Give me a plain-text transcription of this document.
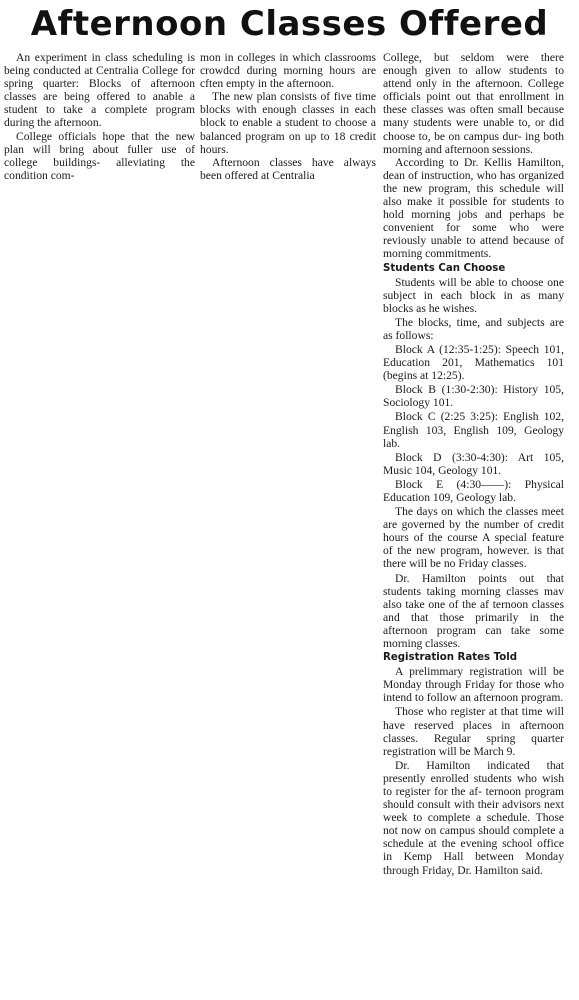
Afternoon Classes Offered

An experiment in class scheduling is being conducted at Centralia College for spring quarter: Blocks of afternoon classes are being offered to anable a student to take a complete program during the afternoon.

College officials hope that the new plan will bring about fuller use of college buildings- alleviating the condition com-

mon in colleges in which classrooms crowdcd during morning hours are cften empty in the afternoon.

The new plan consists of five time blocks with enough classes in each block to enable a student to choose a balanced program on up to 18 credit hours.

Afternoon classes have always been offered at Centralia

College, but seldom were there enough given to allow students to attend only in the afternoon. College officials point out that enrollment in these classes was often small because many students were unable to, or did choose to, be on campus dur- ing both morning and afternoon sessions.

According to Dr. Kellis Hamilton, dean of instruction, who has organized the new program, this schedule will also make it possible for students to hold morning jobs and perhaps be convenient for some who were reviously unable to attend because of morning commitments.

Students Can Choose

Students will be able to choose one subject in each block in as many blocks as he wishes.

The blocks, time, and subjects are as follows:

Block A (12:35-1:25): Speech 101, Education 201, Mathematics 101 (begins at 12:25).

Block B (1:30-2:30): History 105, Sociology 101.

Block C (2:25 3:25): English 102, English 103, English 109, Geology lab.

Block D (3:30-4:30): Art 105, Music 104, Geology 101.

Block E (4:30——): Physical Education 109, Geology lab.

The days on which the classes meet are governed by the number of credit hours of the course A special feature of the new program, however. is that there will be no Friday classes.

Dr. Hamilton points out that students taking morning classes mav also take one of the af ternoon classes and that those primarily in the afternoon program can take some morning classes.

Registration Rates Told

A prelimmary registration will be Monday through Friday for those who intend to follow an afternoon program.

Those who register at that time will have reserved places in afternoon classes. Regular spring quarter registration will be March 9.

Dr. Hamilton indicated that presently enrolled students who wish to register for the af- ternoon program should consult with their advisors next week to complete a schedule. Those not now on campus should complete a schedule at the evening school office in Kemp Hall between Monday through Friday, Dr. Hamilton said.
